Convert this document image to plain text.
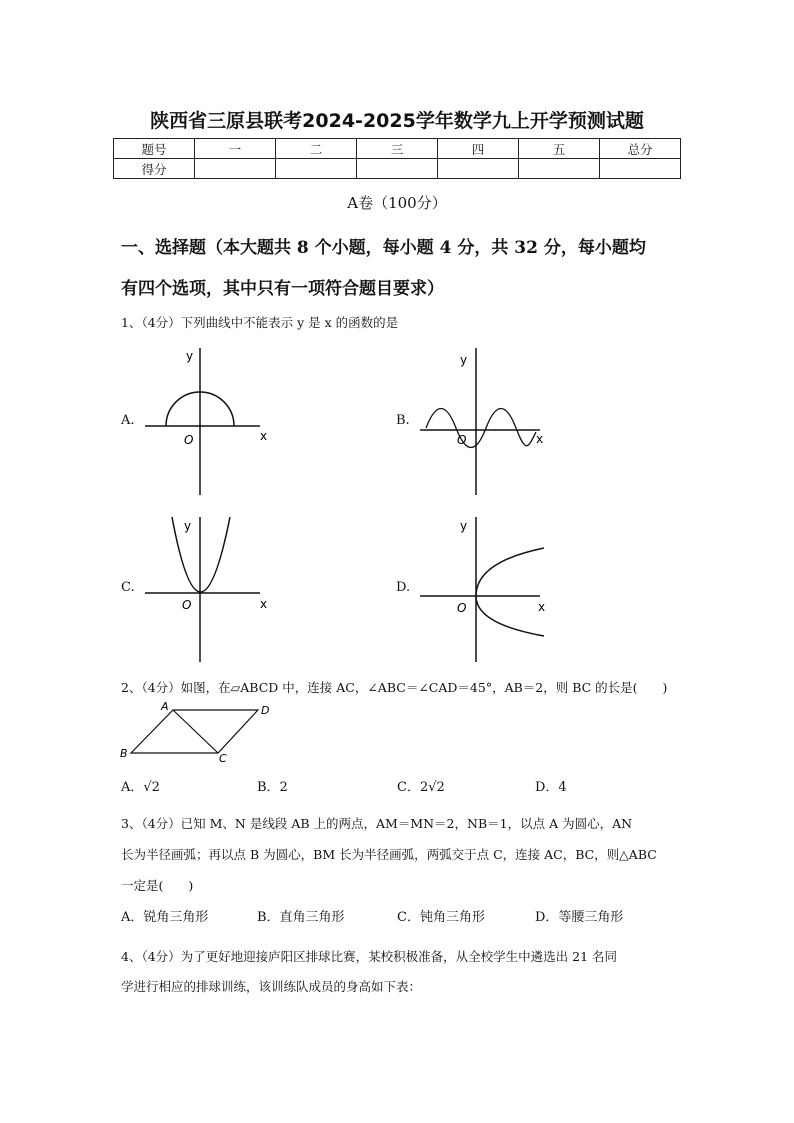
陕西省三原县联考2024-2025学年数学九上开学预测试题
题号	一	二	三	四	五	总分
得分						
A卷（100分）
一、选择题（本大题共 8 个小题，每小题 4 分，共 32 分，每小题均
有四个选项，其中只有一项符合题目要求）
1、（4分）下列曲线中不能表示 y 是 x 的函数的是
A.
y
x
O
B.
y
x
O
C.
y
x
O
D.
y
x
O
2、（4分）如图，在▱ABCD 中，连接 AC，∠ABC＝∠CAD＝45°，AB＝2，则 BC 的长是(　　)
A	D
B	C
A．√2	B．2	C．2√2	D．4
3、（4分）已知 M、N 是线段 AB 上的两点，AM＝MN＝2，NB＝1，以点 A 为圆心，AN
长为半径画弧；再以点 B 为圆心，BM 长为半径画弧，两弧交于点 C，连接 AC，BC，则△ABC
一定是(　　)
A．锐角三角形	B．直角三角形	C．钝角三角形	D．等腰三角形
4、（4分）为了更好地迎接庐阳区排球比赛，某校积极准备，从全校学生中遴选出 21 名同
学进行相应的排球训练，该训练队成员的身高如下表：
